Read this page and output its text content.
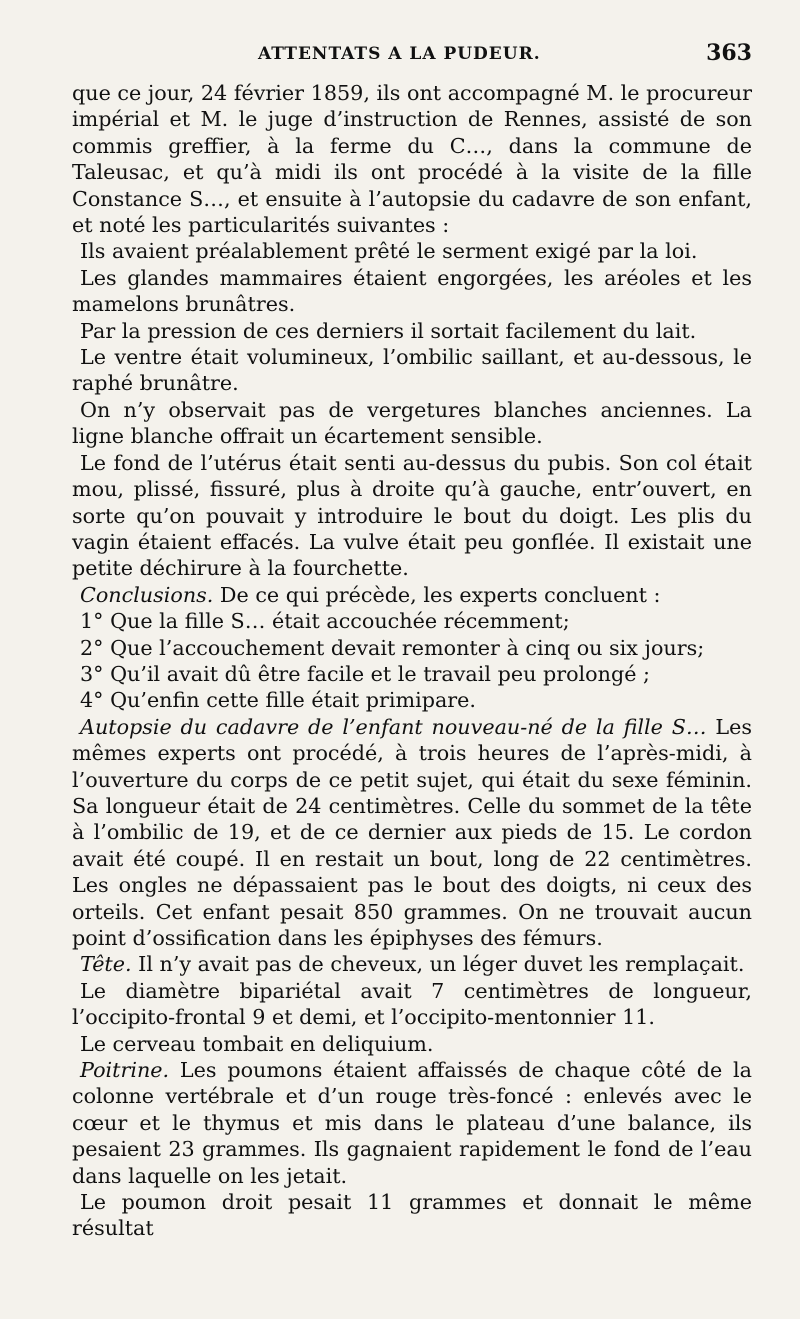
ATTENTATS A LA PUDEUR.	363

que ce jour, 24 février 1859, ils ont accompagné M. le procureur impérial et M. le juge d’instruction de Rennes, assisté de son commis greffier, à la ferme du C…, dans la commune de Taleusac, et qu’à midi ils ont procédé à la visite de la fille Constance S…, et ensuite à l’autopsie du cadavre de son enfant, et noté les particularités suivantes :

Ils avaient préalablement prêté le serment exigé par la loi.

Les glandes mammaires étaient engorgées, les aréoles et les mamelons brunâtres.

Par la pression de ces derniers il sortait facilement du lait.

Le ventre était volumineux, l’ombilic saillant, et au-dessous, le raphé brunâtre.

On n’y observait pas de vergetures blanches anciennes. La ligne blanche offrait un écartement sensible.

Le fond de l’utérus était senti au-dessus du pubis. Son col était mou, plissé, fissuré, plus à droite qu’à gauche, entr’ouvert, en sorte qu’on pouvait y introduire le bout du doigt. Les plis du vagin étaient effacés. La vulve était peu gonflée. Il existait une petite déchirure à la fourchette.

Conclusions. De ce qui précède, les experts concluent :

1° Que la fille S… était accouchée récemment;

2° Que l’accouchement devait remonter à cinq ou six jours;

3° Qu’il avait dû être facile et le travail peu prolongé ;

4° Qu’enfin cette fille était primipare.

Autopsie du cadavre de l’enfant nouveau-né de la fille S… Les mêmes experts ont procédé, à trois heures de l’après-midi, à l’ouverture du corps de ce petit sujet, qui était du sexe féminin. Sa longueur était de 24 centimètres. Celle du sommet de la tête à l’ombilic de 19, et de ce dernier aux pieds de 15. Le cordon avait été coupé. Il en restait un bout, long de 22 centimètres. Les ongles ne dépassaient pas le bout des doigts, ni ceux des orteils. Cet enfant pesait 850 grammes. On ne trouvait aucun point d’ossification dans les épiphyses des fémurs.

Tête. Il n’y avait pas de cheveux, un léger duvet les remplaçait.

Le diamètre bipariétal avait 7 centimètres de longueur, l’occipito-frontal 9 et demi, et l’occipito-mentonnier 11.

Le cerveau tombait en deliquium.

Poitrine. Les poumons étaient affaissés de chaque côté de la colonne vertébrale et d’un rouge très-foncé : enlevés avec le cœur et le thymus et mis dans le plateau d’une balance, ils pesaient 23 grammes. Ils gagnaient rapidement le fond de l’eau dans laquelle on les jetait.

Le poumon droit pesait 11 grammes et donnait le même résultat
